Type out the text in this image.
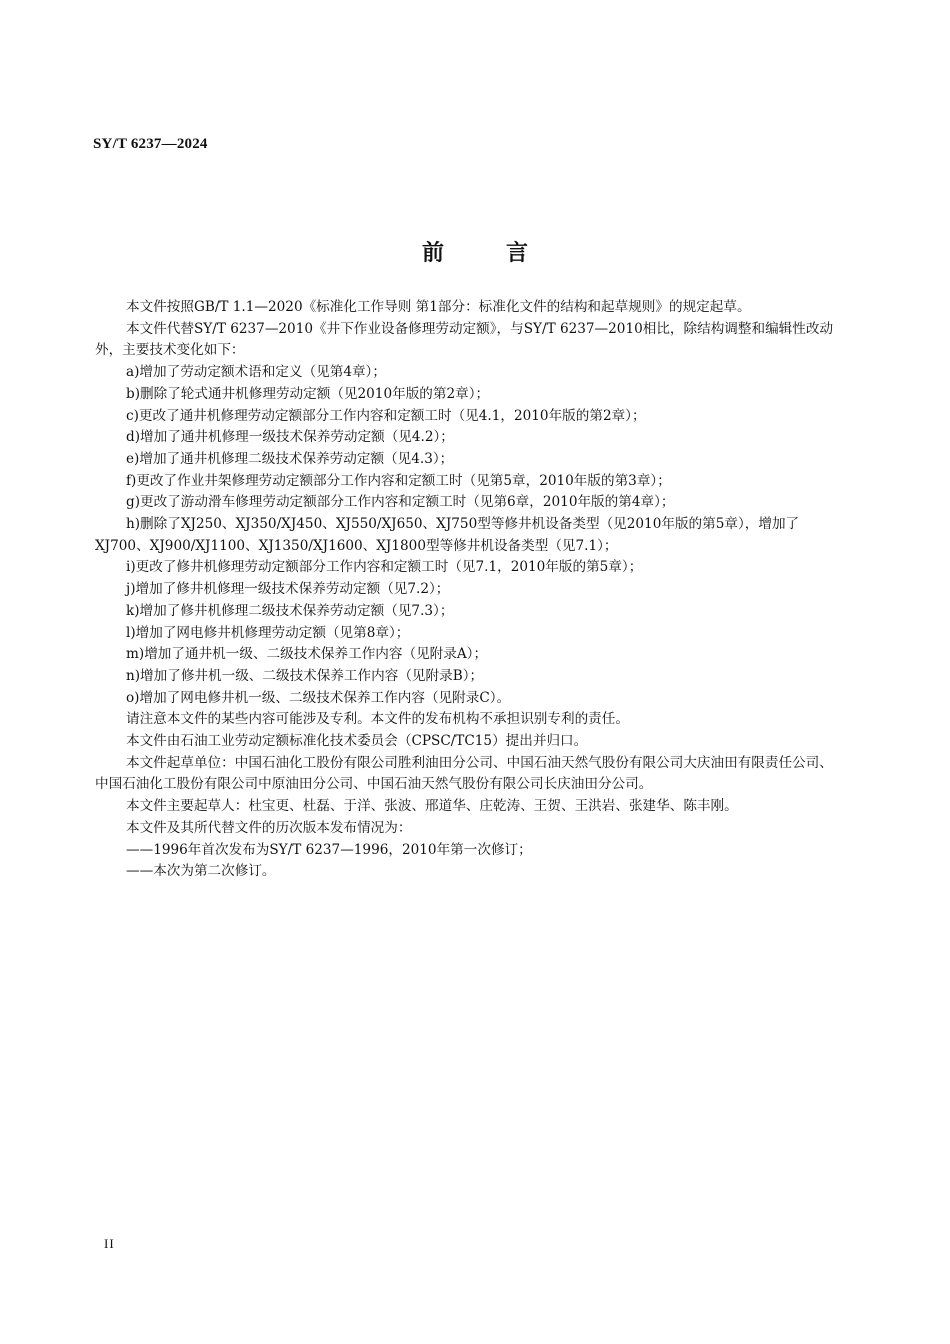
SY/T 6237—2024
前言

本文件按照GB/T 1.1—2020《标准化工作导则 第1部分：标准化文件的结构和起草规则》的规定起草。

本文件代替SY/T 6237—2010《井下作业设备修理劳动定额》，与SY/T 6237—2010相比，除结构调整和编辑性改动外，主要技术变化如下：

a)增加了劳动定额术语和定义（见第4章）；

b)删除了轮式通井机修理劳动定额（见2010年版的第2章）；

c)更改了通井机修理劳动定额部分工作内容和定额工时（见4.1，2010年版的第2章）；

d)增加了通井机修理一级技术保养劳动定额（见4.2）；

e)增加了通井机修理二级技术保养劳动定额（见4.3）；

f)更改了作业井架修理劳动定额部分工作内容和定额工时（见第5章，2010年版的第3章）；

g)更改了游动滑车修理劳动定额部分工作内容和定额工时（见第6章，2010年版的第4章）；

h)删除了XJ250、XJ350/XJ450、XJ550/XJ650、XJ750型等修井机设备类型（见2010年版的第5章），增加了XJ700、XJ900/XJ1100、XJ1350/XJ1600、XJ1800型等修井机设备类型（见7.1）；

i)更改了修井机修理劳动定额部分工作内容和定额工时（见7.1，2010年版的第5章）；

j)增加了修井机修理一级技术保养劳动定额（见7.2）；

k)增加了修井机修理二级技术保养劳动定额（见7.3）；

l)增加了网电修井机修理劳动定额（见第8章）；

m)增加了通井机一级、二级技术保养工作内容（见附录A）；

n)增加了修井机一级、二级技术保养工作内容（见附录B）；

o)增加了网电修井机一级、二级技术保养工作内容（见附录C）。

请注意本文件的某些内容可能涉及专利。本文件的发布机构不承担识别专利的责任。

本文件由石油工业劳动定额标准化技术委员会（CPSC/TC15）提出并归口。

本文件起草单位：中国石油化工股份有限公司胜利油田分公司、中国石油天然气股份有限公司大庆油田有限责任公司、中国石油化工股份有限公司中原油田分公司、中国石油天然气股份有限公司长庆油田分公司。

本文件主要起草人：杜宝更、杜磊、于洋、张波、邢道华、庄乾涛、王贺、王洪岩、张建华、陈丰刚。

本文件及其所代替文件的历次版本发布情况为：

——1996年首次发布为SY/T 6237—1996，2010年第一次修订；

——本次为第二次修订。

II
